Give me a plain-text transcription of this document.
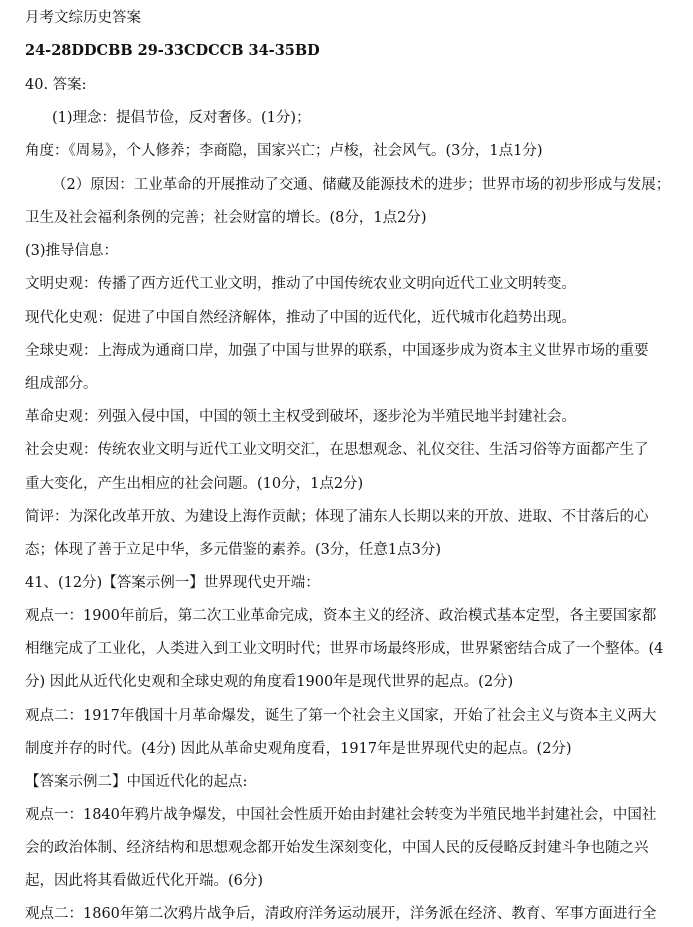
月考文综历史答案
24-28DDCBB 29-33CDCCB 34-35BD
40. 答案:
(1)理念：提倡节俭，反对奢侈。(1分)；
角度：《周易》，个人修养；李商隐，国家兴亡；卢梭，社会风气。(3分，1点1分)
（2）原因：工业革命的开展推动了交通、储藏及能源技术的进步；世界市场的初步形成与发展；
卫生及社会福利条例的完善；社会财富的增长。(8分，1点2分)
(3)推导信息：
文明史观：传播了西方近代工业文明，推动了中国传统农业文明向近代工业文明转变。
现代化史观：促进了中国自然经济解体，推动了中国的近代化，近代城市化趋势出现。
全球史观：上海成为通商口岸，加强了中国与世界的联系，中国逐步成为资本主义世界市场的重要
组成部分。
革命史观：列强入侵中国，中国的领土主权受到破坏，逐步沦为半殖民地半封建社会。
社会史观：传统农业文明与近代工业文明交汇，在思想观念、礼仪交往、生活习俗等方面都产生了
重大变化，产生出相应的社会问题。(10分，1点2分)
简评：为深化改革开放、为建设上海作贡献；体现了浦东人长期以来的开放、进取、不甘落后的心
态；体现了善于立足中华，多元借鉴的素养。(3分，任意1点3分)
41、(12分)【答案示例一】世界现代史开端：
观点一：1900年前后，第二次工业革命完成，资本主义的经济、政治模式基本定型，各主要国家都
相继完成了工业化，人类进入到工业文明时代；世界市场最终形成，世界紧密结合成了一个整体。(4
分) 因此从近代化史观和全球史观的角度看1900年是现代世界的起点。(2分)
观点二：1917年俄国十月革命爆发，诞生了第一个社会主义国家，开始了社会主义与资本主义两大
制度并存的时代。(4分) 因此从革命史观角度看，1917年是世界现代史的起点。(2分)
【答案示例二】中国近代化的起点:
观点一：1840年鸦片战争爆发，中国社会性质开始由封建社会转变为半殖民地半封建社会，中国社
会的政治体制、经济结构和思想观念都开始发生深刻变化，中国人民的反侵略反封建斗争也随之兴
起，因此将其看做近代化开端。(6分)
观点二：1860年第二次鸦片战争后，清政府洋务运动展开，洋务派在经济、教育、军事方面进行全
